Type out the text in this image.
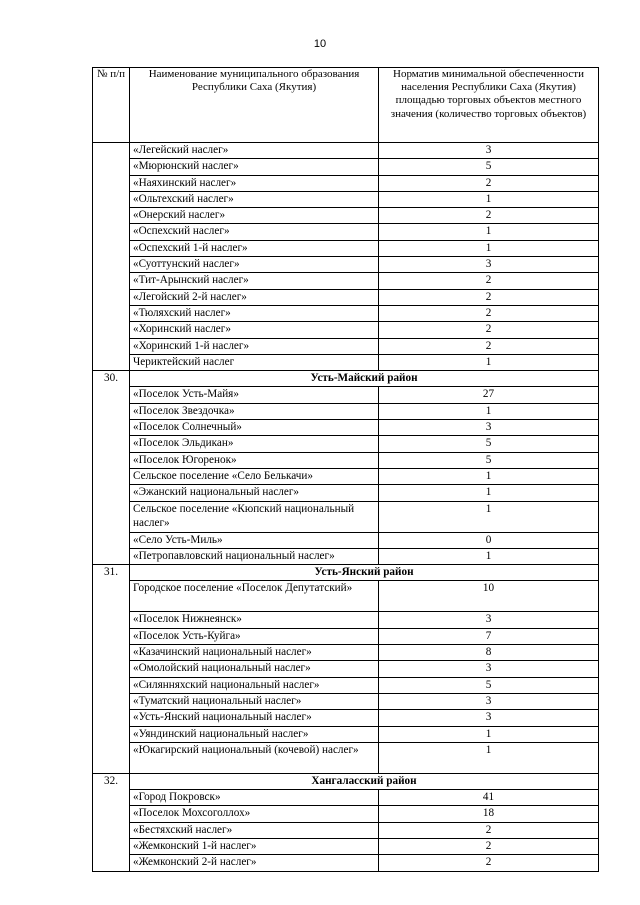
10
№ п/п	Наименование муниципального образования Республики Саха (Якутия)	Норматив минимальной обеспеченности населения Республики Саха (Якутия) площадью торговых объектов местного значения (количество торговых объектов)
	«Легейский наслег»	3
	«Мюрюнский наслег»	5
	«Наяхинский наслег»	2
	«Ольтехский наслег»	1
	«Онерский наслег»	2
	«Оспехский наслег»	1
	«Оспехский 1-й наслег»	1
	«Суоттунский наслег»	3
	«Тит-Арынский наслег»	2
	«Легойский 2-й наслег»	2
	«Тюляхский наслег»	2
	«Хоринский наслег»	2
	«Хоринский 1-й наслег»	2
	Чериктейский наслег	1
30.	Усть-Майский район	
	«Поселок Усть-Майя»	27
	«Поселок Звездочка»	1
	«Поселок Солнечный»	3
	«Поселок Эльдикан»	5
	«Поселок Югоренок»	5
	Сельское поселение «Село Белькачи»	1
	«Эжанский национальный наслег»	1
	Сельское поселение «Кюпский национальный наслег»	1
	«Село Усть-Миль»	0
	«Петропавловский национальный наслег»	1
31.	Усть-Янский район	
	Городское поселение «Поселок Депутатский»	10
	«Поселок Нижнеянск»	3
	«Поселок Усть-Куйга»	7
	«Казачинский национальный наслег»	8
	«Омолойский национальный наслег»	3
	«Силянняхский национальный наслег»	5
	«Туматский национальный наслег»	3
	«Усть-Янский национальный наслег»	3
	«Уяндинский национальный наслег»	1
	«Юкагирский национальный (кочевой) наслег»	1
32.	Хангаласский район	
	«Город Покровск»	41
	«Поселок Мохсоголлох»	18
	«Бестяхский наслег»	2
	«Жемконский 1-й наслег»	2
	«Жемконский 2-й наслег»	2
